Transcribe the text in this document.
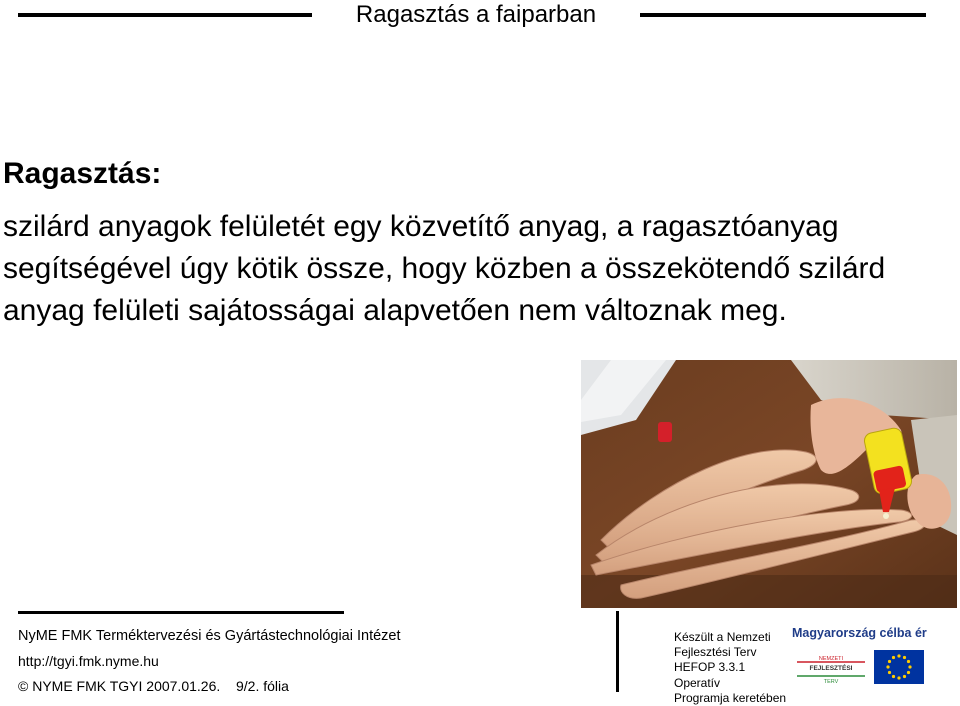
Ragasztás a faiparban
Ragasztás:
szilárd anyagok felületét egy közvetítő anyag, a ragasztóanyag segítségével úgy kötik össze, hogy közben a összekötendő szilárd anyag felületi sajátosságai alapvetően nem változnak meg.
NyME FMK Terméktervezési és Gyártástechnológiai Intézet
http://tgyi.fmk.nyme.hu
© NYME FMK TGYI 2007.01.26. 9/2. fólia
Készült a Nemzeti
Fejlesztési Terv
HEFOP 3.3.1 Operatív
Programja keretében
Magyarország célba ér
NEMZETI
FEJLESZTÉSI
TERV
